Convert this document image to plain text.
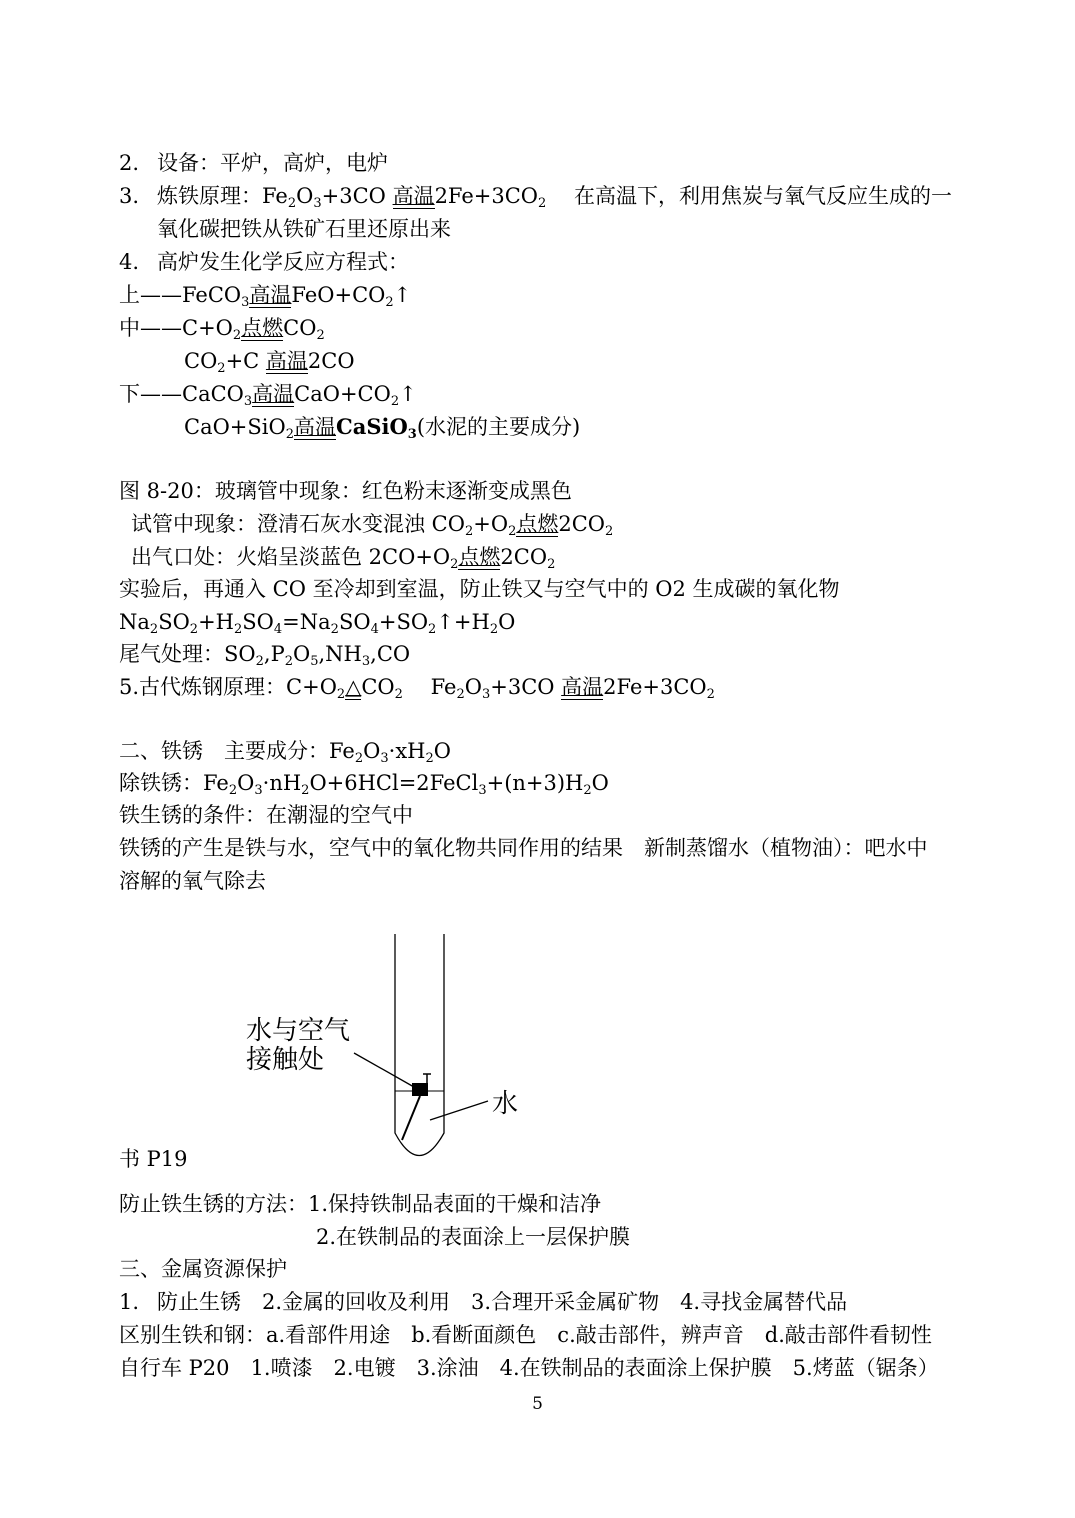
2. 设备：平炉，高炉，电炉
3. 炼铁原理：$Fe_2O_3+3CO$ 高温$2Fe+3CO_2$　 在高温下，利用焦炭与氧气反应生成的一
氧化碳把铁从铁矿石里还原出来
4. 高炉发生化学反应方程式：
上——FeCO$_3$高温$FeO+CO_2↑$
中$——C+O_2$点燃$CO_2$
$CO_2+C$ 高温2CO
下——CaCO$_3$高温$CaO+CO_2↑$
CaO+SiO$_2$高温CaSiO$_3$(水泥的主要成分)
图 8-20：玻璃管中现象：红色粉末逐渐变成黑色
试管中现象：澄清石灰水变混浊 $CO_2+O_2$点燃$2CO_2$
出气口处：火焰呈淡蓝色 $2CO+O_2$点燃$2CO_2$
实验后，再通入 CO 至冷却到室温，防止铁又与空气中的 O2 生成碳的氧化物
$Na_2SO_2+H_2SO_4=Na_2SO_4+SO_2↑+H_2O$
尾气处理：$SO_2,P_2O_5,NH_3,CO$
5.古代炼钢原理：$C+O_2\triangle CO_2$　 $Fe_2O_3+3CO$ 高温$2Fe+3CO_2$
二、铁锈　主要成分：$Fe_2O_3\cdot xH_2O$
除铁锈：$Fe_2O_3\cdot nH_2O+6HCl=2FeCl_3+(n+3)H_2O$
铁生锈的条件：在潮湿的空气中
铁锈的产生是铁与水，空气中的氧化物共同作用的结果　新制蒸馏水（植物油）：吧水中
溶解的氧气除去
水与空气
接触处
水
书 P19
防止铁生锈的方法：1.保持铁制品表面的干燥和洁净
2.在铁制品的表面涂上一层保护膜
三、金属资源保护
1. 防止生锈　2.金属的回收及利用　3.合理开采金属矿物　4.寻找金属替代品
区别生铁和钢：a.看部件用途　b.看断面颜色　c.敲击部件，辨声音　d.敲击部件看韧性
自行车 P20　1.喷漆　2.电镀　3.涂油　4.在铁制品的表面涂上保护膜　5.烤蓝（锯条）
5
